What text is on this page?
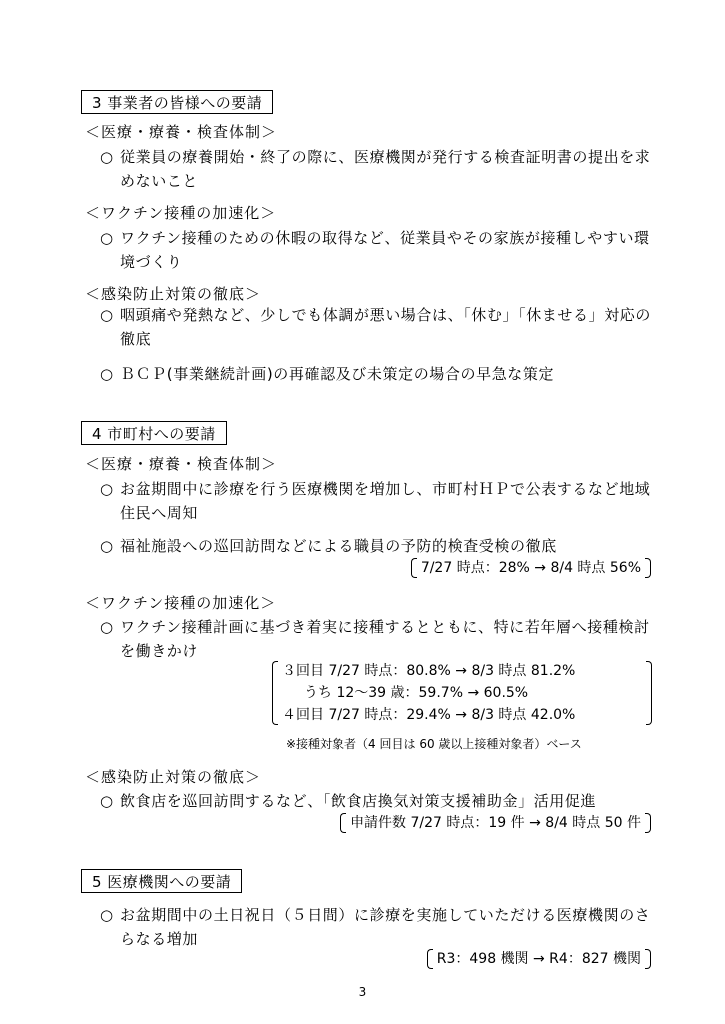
3 事業者の皆様への要請
＜医療・療養・検査体制＞
○ 従業員の療養開始・終了の際に、医療機関が発行する検査証明書の提出を求めないこと
＜ワクチン接種の加速化＞
○ ワクチン接種のための休暇の取得など、従業員やその家族が接種しやすい環境づくり
＜感染防止対策の徹底＞
○ 咽頭痛や発熱など、少しでも体調が悪い場合は、「休む」「休ませる」対応の徹底
○ ＢＣＰ(事業継続計画)の再確認及び未策定の場合の早急な策定
4 市町村への要請
＜医療・療養・検査体制＞
○ お盆期間中に診療を行う医療機関を増加し、市町村ＨＰで公表するなど地域住民へ周知
○ 福祉施設への巡回訪問などによる職員の予防的検査受検の徹底
7/27 時点：28% → 8/4 時点 56%
＜ワクチン接種の加速化＞
○ ワクチン接種計画に基づき着実に接種するとともに、特に若年層へ接種検討を働きかけ
３回目 7/27 時点：80.8% → 8/3 時点 81.2%
うち 12～39 歳：59.7% → 60.5%
４回目 7/27 時点：29.4% → 8/3 時点 42.0%
※接種対象者（4 回目は 60 歳以上接種対象者）ベース
＜感染防止対策の徹底＞
○ 飲食店を巡回訪問するなど、「飲食店換気対策支援補助金」活用促進
申請件数 7/27 時点：19 件 → 8/4 時点 50 件
5 医療機関への要請
○ お盆期間中の土日祝日（５日間）に診療を実施していただける医療機関のさらなる増加
R3：498 機関 → R4：827 機関
3
